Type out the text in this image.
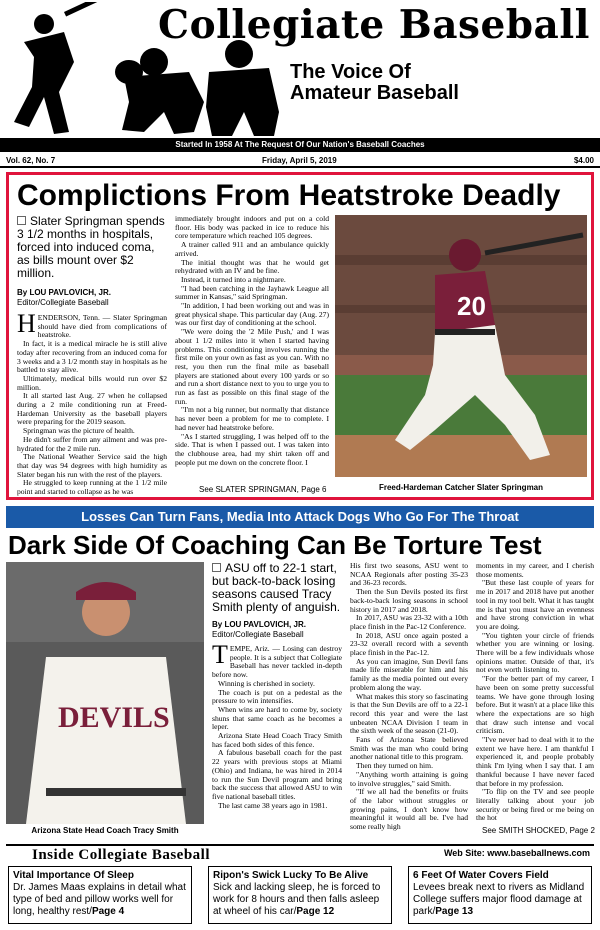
Collegiate Baseball
The Voice Of
Amateur Baseball
Started In 1958 At The Request Of Our Nation's Baseball Coaches
Vol. 62, No. 7	Friday, April 5, 2019	$4.00
Complictions From Heatstroke Deadly
Slater Springman spends 3 1/2 months in hospitals, forced into induced coma, as bills mount over $2 million.
By LOU PAVLOVICH, JR.
Editor/Collegiate Baseball
H ENDERSON, Tenn. — Slater Springman should have died from complications of heatstroke.

In fact, it is a medical miracle he is still alive today after recovering from an induced coma for 3 weeks and a 3 1/2 month stay in hospitals as he battled to stay alive.

Ultimately, medical bills would run over $2 million.

It all started last Aug. 27 when he collapsed during a 2 mile conditioning run at Freed-Hardeman University as the baseball players were preparing for the 2019 season.

Springman was the picture of health.

He didn't suffer from any ailment and was pre-hydrated for the 2 mile run.

The National Weather Service said the high that day was 94 degrees with high humidity as Slater began his run with the rest of the players.

He struggled to keep running at the 1 1/2 mile point and started to collapse as he was

immediately brought indoors and put on a cold floor. His body was packed in ice to reduce his core temperature which reached 105 degrees.

A trainer called 911 and an ambulance quickly arrived.

The initial thought was that he would get rehydrated with an IV and be fine.

Instead, it turned into a nightmare.

"I had been catching in the Jayhawk League all summer in Kansas," said Springman.

"In addition, I had been working out and was in great physical shape. This particular day (Aug. 27) was our first day of conditioning at the school.

"We were doing the '2 Mile Push,' and I was about 1 1/2 miles into it when I started having problems. This conditioning involves running the first mile on your own as fast as you can. With no rest, you then run the final mile as baseball players are stationed about every 100 yards or so and run a short distance next to you to urge you to run as fast as possible on this final stage of the run.

"I'm not a big runner, but normally that distance has never been a problem for me to complete. I had never had heatstroke before.

"As I started struggling, I was helped off to the side. That is when I passed out. I was taken into the clubhouse area, had my shirt taken off and people put me down on the concrete floor. I

See SLATER SPRINGMAN, Page 6
20
Freed-Hardeman Catcher Slater Springman
Losses Can Turn Fans, Media Into Attack Dogs Who Go For The Throat
Dark Side Of Coaching Can Be Torture Test
DEVILS
Arizona State Head Coach Tracy Smith
ASU off to 22-1 start, but back-to-back losing seasons caused Tracy Smith plenty of anguish.
By LOU PAVLOVICH, JR.
Editor/Collegiate Baseball
T EMPE, Ariz. — Losing can destroy people. It is a subject that Collegiate Baseball has never tackled in-depth before now.

Winning is cherished in society.

The coach is put on a pedestal as the pressure to win intensifies.

When wins are hard to come by, society shuns that same coach as he becomes a leper.

Arizona State Head Coach Tracy Smith has faced both sides of this fence.

A fabulous baseball coach for the past 22 years with previous stops at Miami (Ohio) and Indiana, he was hired in 2014 to run the Sun Devil program and bring back the success that allowed ASU to win five national baseball titles.

The last came 38 years ago in 1981.

His first two seasons, ASU went to NCAA Regionals after posting 35-23 and 36-23 records.

Then the Sun Devils posted its first back-to-back losing seasons in school history in 2017 and 2018.

In 2017, ASU was 23-32 with a 10th place finish in the Pac-12 Conference.

In 2018, ASU once again posted a 23-32 overall record with a seventh place finish in the Pac-12.

As you can imagine, Sun Devil fans made life miserable for him and his family as the media pointed out every problem along the way.

What makes this story so fascinating is that the Sun Devils are off to a 22-1 record this year and were the last unbeaten NCAA Division I team in the sixth week of the season (21-0).

Fans of Arizona State believed Smith was the man who could bring another national title to this program.

Then they turned on him.

"Anything worth attaining is going to involve struggles," said Smith.

"If we all had the benefits or fruits of the labor without struggles or growing pains, I don't know how meaningful it would all be. I've had some really high

moments in my career, and I cherish those moments.

"But these last couple of years for me in 2017 and 2018 have put another tool in my tool belt. What it has taught me is that you must have an evenness and have strong conviction in what you are doing.

"You tighten your circle of friends whether you are winning or losing. There will be a few individuals whose opinions matter. Outside of that, it's not even worth listening to.

"For the better part of my career, I have been on some pretty successful teams. We have gone through losing before. But it wasn't at a place like this where the expectations are so high that draw such intense and vocal criticism.

"I've never had to deal with it to the extent we have here. I am thankful I experienced it, and people probably think I'm lying when I say that. I am thankful because I have never faced that before in my profession.

"To flip on the TV and see people literally talking about your job security or being fired or me being on the hot

See SMITH SHOCKED, Page 2
Inside Collegiate Baseball	Web Site: www.baseballnews.com
Vital Importance Of Sleep
Dr. James Maas explains in detail what type of bed and pillow works well for long, healthy rest/Page 4
Ripon's Swick Lucky To Be Alive
Sick and lacking sleep, he is forced to work for 8 hours and then falls asleep at wheel of his car/Page 12
6 Feet Of Water Covers Field
Levees break next to rivers as Midland College suffers major flood damage at park/Page 13
